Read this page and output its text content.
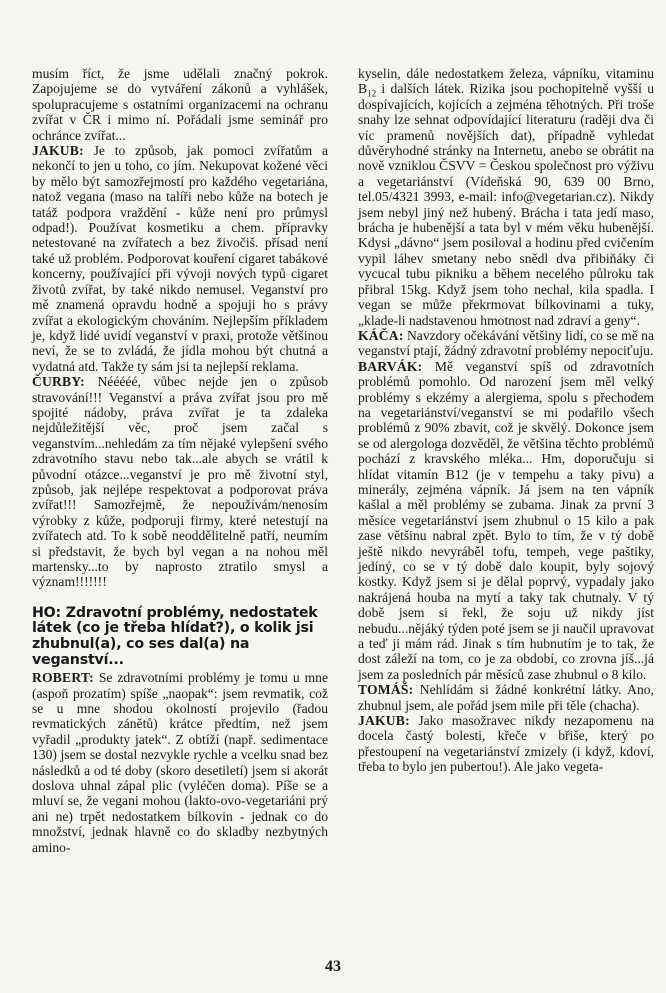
musím říct, že jsme udělali značný pokrok. Zapojujeme se do vytváření zákonů a vyhlášek, spolupracujeme s ostatními organizacemi na ochranu zvířat v ČR i mimo ní. Pořádali jsme seminář pro ochránce zvířat...

JAKUB: Je to způsob, jak pomoci zvířatům a nekončí to jen u toho, co jím. Nekupovat kožené věci by mělo být samozřejmostí pro každého vegetariána, natož vegana (maso na talíři nebo kůže na botech je tatáž podpora vraždění - kůže není pro průmysl odpad!). Používat kosmetiku a chem. přípravky netestované na zvířatech a bez živočiš. přísad není také už problém. Podporovat kouření cigaret tabákové koncerny, používající při vývoji nových typů cigaret životů zvířat, by také nikdo nemusel. Veganství pro mě znamená opravdu hodně a spojuji ho s právy zvířat a ekologickým chováním. Nejlepším příkladem je, když lidé uvidí veganství v praxi, protože většinou neví, že se to zvládá, že jídla mohou být chutná a vydatná atd. Takže ty sám jsi ta nejlepší reklama.

ČURBY: Nééééé, vůbec nejde jen o způsob stravování!!! Veganství a práva zvířat jsou pro mě spojité nádoby, práva zvířat je ta zdaleka nejdůležitější věc, proč jsem začal s veganstvím...nehledám za tím nějaké vylepšení svého zdravotního stavu nebo tak...ale abych se vrátil k původní otázce...veganství je pro mě životní styl, způsob, jak nejlépe respektovat a podporovat práva zvířat!!! Samozřejmě, že nepoužívám/nenosím výrobky z kůže, podporuji firmy, které netestují na zvířatech atd. To k sobě neoddělitelně patří, neumím si představit, že bych byl vegan a na nohou měl martensky...to by naprosto ztratilo smysl a význam!!!!!!!

HO: Zdravotní problémy, nedostatek látek (co je třeba hlídat?), o kolik jsi zhubnul(a), co ses dal(a) na veganství...

ROBERT: Se zdravotními problémy je tomu u mne (aspoň prozatím) spíše „naopak“: jsem revmatik, což se u mne shodou okolností projevilo (řadou revmatických zánětů) krátce předtím, než jsem vyřadil „produkty jatek“. Z obtíží (např. sedimentace 130) jsem se dostal nezvykle rychle a vcelku snad bez následků a od té doby (skoro desetiletí) jsem si akorát doslova uhnal zápal plic (vyléčen doma). Píše se a mluví se, že vegani mohou (lakto-ovo-vegetariáni prý ani ne) trpět nedostatkem bílkovin - jednak co do množství, jednak hlavně co do skladby nezbytných amino-

kyselin, dále nedostatkem železa, vápníku, vitaminu $B_{12}$ i dalších látek. Rizika jsou pochopitelně vyšší u dospívajících, kojících a zejména těhotných. Při troše snahy lze sehnat odpovídající literaturu (raději dva či víc pramenů novějších dat), případně vyhledat důvěryhodné stránky na Internetu, anebo se obrátit na nově vzniklou ČSVV = Českou společnost pro výživu a vegetariánství (Vídeňská 90, 639 00 Brno, tel.05/4321 3993, e-mail: info@vegetarian.cz). Nikdy jsem nebyl jiný než hubený. Brácha i tata jedí maso, brácha je hubenější a tata byl v mém věku hubenější. Kdysi „dávno“ jsem posiloval a hodinu před cvičením vypil láhev smetany nebo snědl dva přibiňáky či vycucal tubu pikniku a během neceléhо půlroku tak přibral 15kg. Když jsem toho nechal, kila spadla. I vegan se může překrmovat bílkovinami a tuky, „klade-li nadstavenou hmotnost nad zdraví a geny“.

KÁČA: Navzdory očekávání většiny lidí, co se mě na veganství ptají, žádný zdravotní problémy nepociťuju.

BARVÁK: Mě veganství spíš od zdravotních problémů pomohlo. Od narození jsem měl velký problémy s ekzémy a alergiema, spolu s přechodem na vegetariánství/veganství se mi podařilo všech problémů z 90% zbavit, což je skvělý. Dokonce jsem se od alergologa dozvěděl, že většina těchto problémů pochází z kravského mléka... Hm, doporučuju si hlídat vitamín B12 (je v tempehu a taky pivu) a minerály, zejména vápník. Já jsem na ten vápník kašlal a měl problémy se zubama. Jinak za první 3 měsíce vegetariánství jsem zhubnul o 15 kilo a pak zase většinu nabral zpět. Bylo to tím, že v tý době ještě nikdo nevyráběl tofu, tempeh, vege paštiky, jedíný, co se v tý době dalo koupit, byly sojový kostky. Když jsem si je dělal poprvý, vypadaly jako nakrájená houba na mytí a taky tak chutnaly. V tý době jsem si řekl, že soju už nikdy jíst nebudu...nějáký týden poté jsem se ji naučil upravovat a teď ji mám rád. Jinak s tím hubnutím je to tak, že dost záleží na tom, co je za období, co zrovna jíš...já jsem za posledních pár měsíců zase zhubnul o 8 kilo.

TOMÁŠ: Nehlídám si žádné konkrétní látky. Ano, zhubnul jsem, ale pořád jsem mile při těle (chacha).

JAKUB: Jako masožravec nikdy nezapomenu na docela častý bolesti, křeče v břiše, který po přestoupení na vegetariánství zmizely (i když, kdoví, třeba to bylo jen pubertou!). Ale jako vegeta-

43
